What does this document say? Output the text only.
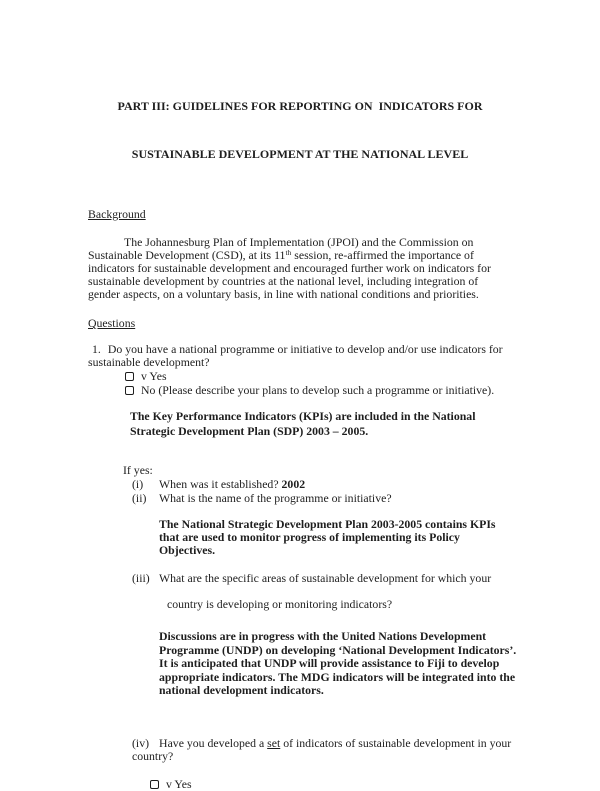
PART III: GUIDELINES FOR REPORTING ON  INDICATORS FOR

SUSTAINABLE DEVELOPMENT AT THE NATIONAL LEVEL

Background

The Johannesburg Plan of Implementation (JPOI) and the Commission on Sustainable Development (CSD), at its 11th session, re-affirmed the importance of indicators for sustainable development and encouraged further work on indicators for sustainable development by countries at the national level, including integration of gender aspects, on a voluntary basis, in line with national conditions and priorities.

Questions

1. Do you have a national programme or initiative to develop and/or use indicators for sustainable development?

v Yes
No (Please describe your plans to develop such a programme or initiative).
The Key Performance Indicators (KPIs) are included in the National Strategic Development Plan (SDP) 2003 – 2005.
If yes:
(i)	When was it established? 2002
(ii)	What is the name of the programme or initiative?
The National Strategic Development Plan 2003-2005 contains KPIs that are used to monitor progress of implementing its Policy Objectives.
(iii) What are the specific areas of sustainable development for which your
country is developing or monitoring indicators?
Discussions are in progress with the United Nations Development Programme (UNDP) on developing ‘National Development Indicators’. It is anticipated that UNDP will provide assistance to Fiji to develop appropriate indicators. The MDG indicators will be integrated into the national development indicators.
(iv) Have you developed a set of indicators of sustainable development in your country?
v Yes
